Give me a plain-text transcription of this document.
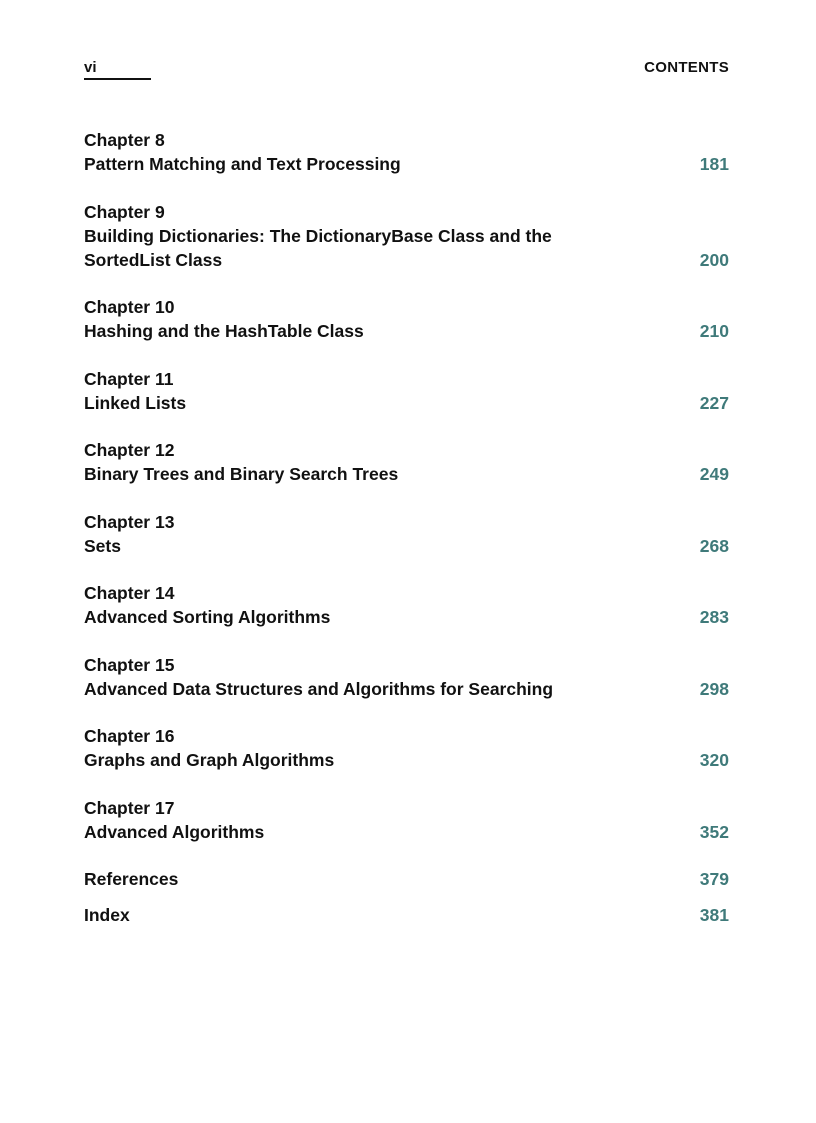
vi	CONTENTS
Chapter 8
Pattern Matching and Text Processing	181
Chapter 9
Building Dictionaries: The DictionaryBase Class and the
SortedList Class	200
Chapter 10
Hashing and the HashTable Class	210
Chapter 11
Linked Lists	227
Chapter 12
Binary Trees and Binary Search Trees	249
Chapter 13
Sets	268
Chapter 14
Advanced Sorting Algorithms	283
Chapter 15
Advanced Data Structures and Algorithms for Searching	298
Chapter 16
Graphs and Graph Algorithms	320
Chapter 17
Advanced Algorithms	352
References	379
Index	381
